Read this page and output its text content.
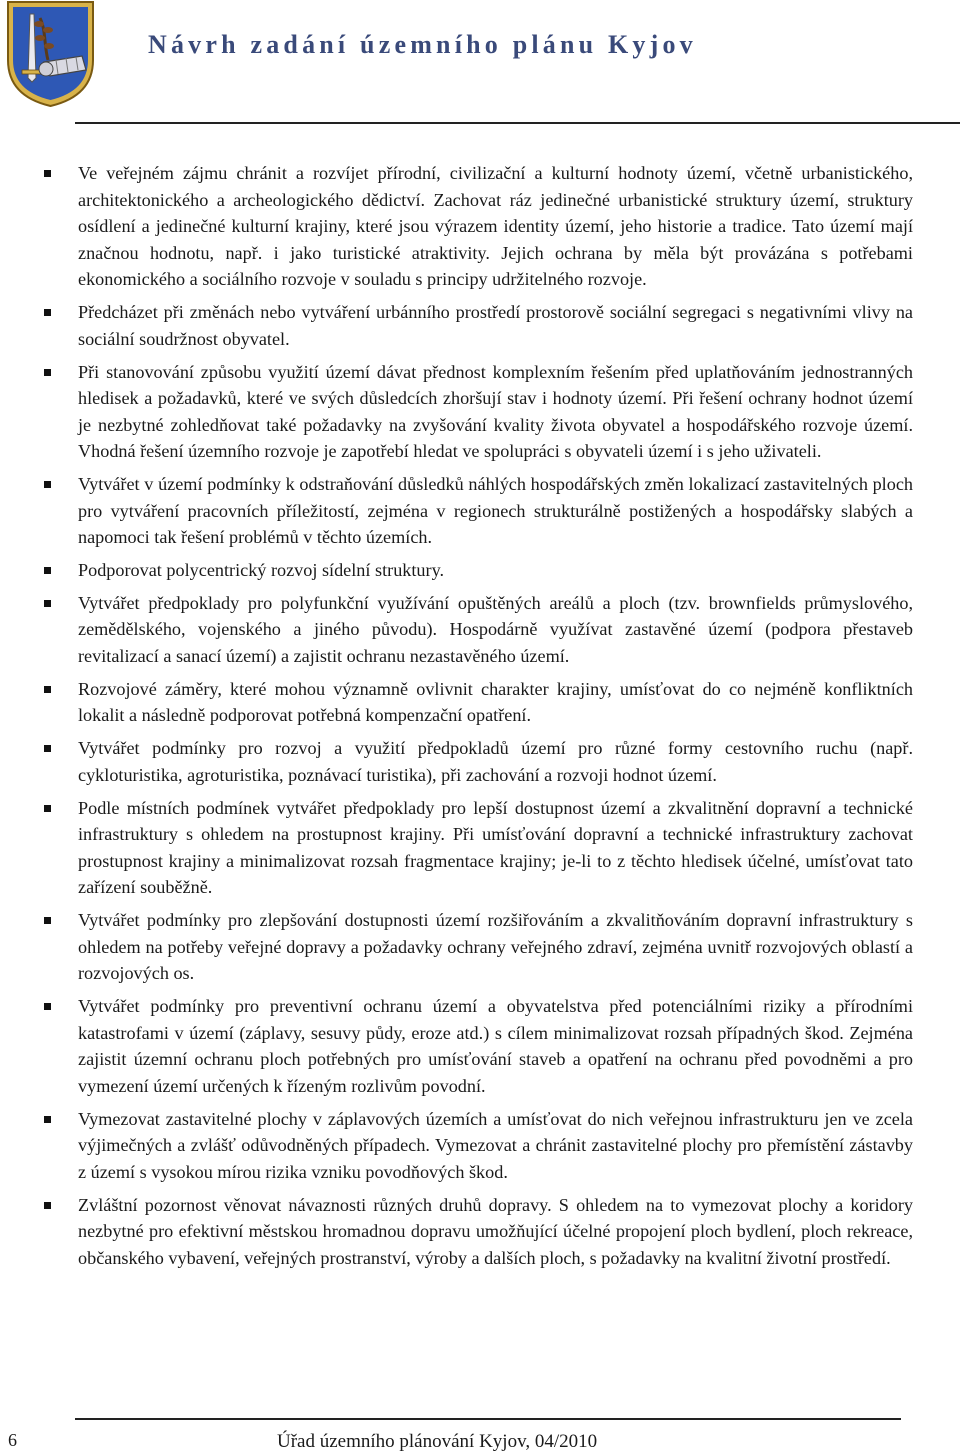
Návrh zadání územního plánu Kyjov
Ve veřejném zájmu chránit a rozvíjet přírodní, civilizační a kulturní hodnoty území, včetně urbanistického, architektonického a archeologického dědictví. Zachovat ráz jedinečné urbanistické struktury území, struktury osídlení a jedinečné kulturní krajiny, které jsou výrazem identity území, jeho historie a tradice. Tato území mají značnou hodnotu, např. i jako turistické atraktivity. Jejich ochrana by měla být provázána s potřebami ekonomického a sociálního rozvoje v souladu s principy udržitelného rozvoje.
Předcházet při změnách nebo vytváření urbánního prostředí prostorově sociální segregaci s negativními vlivy na sociální soudržnost obyvatel.
Při stanovování způsobu využití území dávat přednost komplexním řešením před uplatňováním jednostranných hledisek a požadavků, které ve svých důsledcích zhoršují stav i hodnoty území. Při řešení ochrany hodnot území je nezbytné zohledňovat také požadavky na zvyšování kvality života obyvatel a hospodářského rozvoje území. Vhodná řešení územního rozvoje je zapotřebí hledat ve spolupráci s obyvateli území i s jeho uživateli.
Vytvářet v území podmínky k odstraňování důsledků náhlých hospodářských změn lokalizací zastavitelných ploch pro vytváření pracovních příležitostí, zejména v regionech strukturálně postižených a hospodářsky slabých a napomoci tak řešení problémů v těchto územích.
Podporovat polycentrický rozvoj sídelní struktury.
Vytvářet předpoklady pro polyfunkční využívání opuštěných areálů a ploch (tzv. brownfields průmyslového, zemědělského, vojenského a jiného původu). Hospodárně využívat zastavěné území (podpora přestaveb revitalizací a sanací území) a zajistit ochranu nezastavěného území.
Rozvojové záměry, které mohou významně ovlivnit charakter krajiny, umísťovat do co nejméně konfliktních lokalit a následně podporovat potřebná kompenzační opatření.
Vytvářet podmínky pro rozvoj a využití předpokladů území pro různé formy cestovního ruchu (např. cykloturistika, agroturistika, poznávací turistika), při zachování a rozvoji hodnot území.
Podle místních podmínek vytvářet předpoklady pro lepší dostupnost území a zkvalitnění dopravní a technické infrastruktury s ohledem na prostupnost krajiny. Při umísťování dopravní a technické infrastruktury zachovat prostupnost krajiny a minimalizovat rozsah fragmentace krajiny; je-li to z těchto hledisek účelné, umísťovat tato zařízení souběžně.
Vytvářet podmínky pro zlepšování dostupnosti území rozšiřováním a zkvalitňováním dopravní infrastruktury s ohledem na potřeby veřejné dopravy a požadavky ochrany veřejného zdraví, zejména uvnitř rozvojových oblastí a rozvojových os.
Vytvářet podmínky pro preventivní ochranu území a obyvatelstva před potenciálními riziky a přírodními katastrofami v území (záplavy, sesuvy půdy, eroze atd.) s cílem minimalizovat rozsah případných škod. Zejména zajistit územní ochranu ploch potřebných pro umísťování staveb a opatření na ochranu před povodněmi a pro vymezení území určených k řízeným rozlivům povodní.
Vymezovat zastavitelné plochy v záplavových územích a umísťovat do nich veřejnou infrastrukturu jen ve zcela výjimečných a zvlášť odůvodněných případech. Vymezovat a chránit zastavitelné plochy pro přemístění zástavby z území s vysokou mírou rizika vzniku povodňových škod.
Zvláštní pozornost věnovat návaznosti různých druhů dopravy. S ohledem na to vymezovat plochy a koridory nezbytné pro efektivní městskou hromadnou dopravu umožňující účelné propojení ploch bydlení, ploch rekreace, občanského vybavení, veřejných prostranství, výroby a dalších ploch, s požadavky na kvalitní životní prostředí.
6	Úřad územního plánování Kyjov, 04/2010
